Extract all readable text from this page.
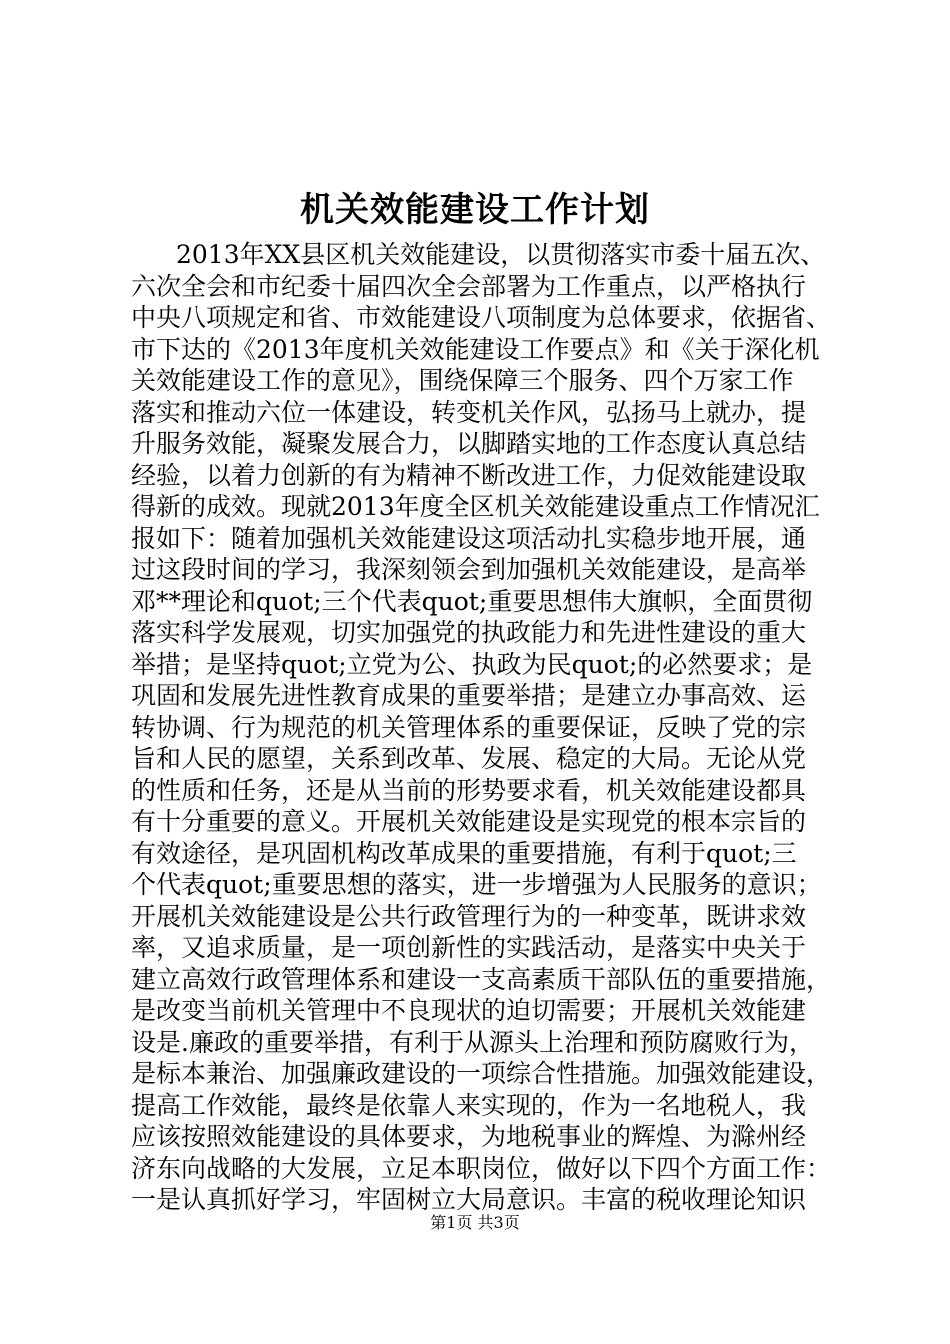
机关效能建设工作计划
2013年XX县区机关效能建设，以贯彻落实市委十届五次、
六次全会和市纪委十届四次全会部署为工作重点，以严格执行
中央八项规定和省、市效能建设八项制度为总体要求，依据省、
市下达的《2013年度机关效能建设工作要点》和《关于深化机
关效能建设工作的意见》，围绕保障三个服务、四个万家工作
落实和推动六位一体建设，转变机关作风，弘扬马上就办，提
升服务效能，凝聚发展合力，以脚踏实地的工作态度认真总结
经验，以着力创新的有为精神不断改进工作，力促效能建设取
得新的成效。现就2013年度全区机关效能建设重点工作情况汇
报如下：随着加强机关效能建设这项活动扎实稳步地开展，通
过这段时间的学习，我深刻领会到加强机关效能建设，是高举
邓**理论和quot;三个代表quot;重要思想伟大旗帜，全面贯彻
落实科学发展观，切实加强党的执政能力和先进性建设的重大
举措；是坚持quot;立党为公、执政为民quot;的必然要求；是
巩固和发展先进性教育成果的重要举措；是建立办事高效、运
转协调、行为规范的机关管理体系的重要保证，反映了党的宗
旨和人民的愿望，关系到改革、发展、稳定的大局。无论从党
的性质和任务，还是从当前的形势要求看，机关效能建设都具
有十分重要的意义。开展机关效能建设是实现党的根本宗旨的
有效途径，是巩固机构改革成果的重要措施，有利于quot;三
个代表quot;重要思想的落实，进一步增强为人民服务的意识；
开展机关效能建设是公共行政管理行为的一种变革，既讲求效
率，又追求质量，是一项创新性的实践活动，是落实中央关于
建立高效行政管理体系和建设一支高素质干部队伍的重要措施，
是改变当前机关管理中不良现状的迫切需要；开展机关效能建
设是.廉政的重要举措，有利于从源头上治理和预防腐败行为，
是标本兼治、加强廉政建设的一项综合性措施。加强效能建设，
提高工作效能，最终是依靠人来实现的，作为一名地税人，我
应该按照效能建设的具体要求，为地税事业的辉煌、为滁州经
济东向战略的大发展，立足本职岗位，做好以下四个方面工作：
一是认真抓好学习，牢固树立大局意识。丰富的税收理论知识
第1页 共3页
